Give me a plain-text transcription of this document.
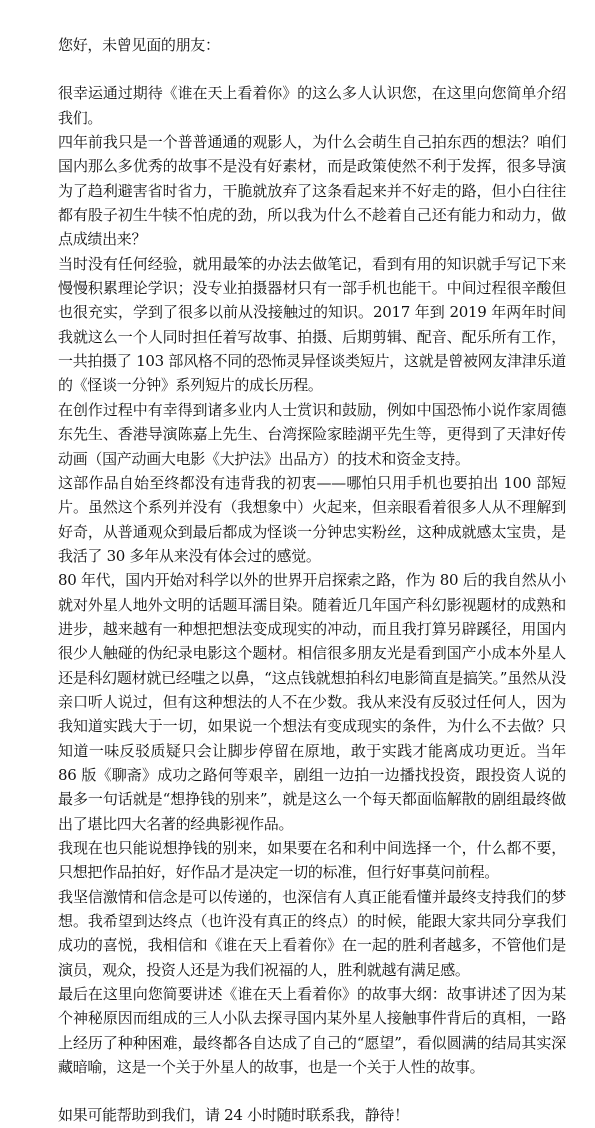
您好，未曾见面的朋友：

很幸运通过期待《谁在天上看着你》的这么多人认识您，在这里向您简单介绍我们。

四年前我只是一个普普通通的观影人，为什么会萌生自己拍东西的想法？咱们国内那么多优秀的故事不是没有好素材，而是政策使然不利于发挥，很多导演为了趋利避害省时省力，干脆就放弃了这条看起来并不好走的路，但小白往往都有股子初生牛犊不怕虎的劲，所以我为什么不趁着自己还有能力和动力，做点成绩出来？

当时没有任何经验，就用最笨的办法去做笔记，看到有用的知识就手写记下来慢慢积累理论学识；没专业拍摄器材只有一部手机也能干。中间过程很辛酸但也很充实，学到了很多以前从没接触过的知识。2017 年到 2019 年两年时间我就这么一个人同时担任着写故事、拍摄、后期剪辑、配音、配乐所有工作，一共拍摄了 103 部风格不同的恐怖灵异怪谈类短片，这就是曾被网友津津乐道的《怪谈一分钟》系列短片的成长历程。

在创作过程中有幸得到诸多业内人士赏识和鼓励，例如中国恐怖小说作家周德东先生、香港导演陈嘉上先生、台湾探险家睦湖平先生等，更得到了天津好传动画（国产动画大电影《大护法》出品方）的技术和资金支持。

这部作品自始至终都没有违背我的初衷——哪怕只用手机也要拍出 100 部短片。虽然这个系列并没有（我想象中）火起来，但亲眼看着很多人从不理解到好奇，从普通观众到最后都成为怪谈一分钟忠实粉丝，这种成就感太宝贵，是我活了 30 多年从来没有体会过的感觉。

80 年代，国内开始对科学以外的世界开启探索之路，作为 80 后的我自然从小就对外星人地外文明的话题耳濡目染。随着近几年国产科幻影视题材的成熟和进步，越来越有一种想把想法变成现实的冲动，而且我打算另辟蹊径，用国内很少人触碰的伪纪录电影这个题材。相信很多朋友光是看到国产小成本外星人还是科幻题材就已经嗤之以鼻，“这点钱就想拍科幻电影简直是搞笑。”虽然从没亲口听人说过，但有这种想法的人不在少数。我从来没有反驳过任何人，因为我知道实践大于一切，如果说一个想法有变成现实的条件，为什么不去做？只知道一味反驳质疑只会让脚步停留在原地，敢于实践才能离成功更近。当年 86 版《聊斋》成功之路何等艰辛，剧组一边拍一边播找投资，跟投资人说的最多一句话就是“想挣钱的别来”，就是这么一个每天都面临解散的剧组最终做出了堪比四大名著的经典影视作品。

我现在也只能说想挣钱的别来，如果要在名和利中间选择一个，什么都不要，只想把作品拍好，好作品才是决定一切的标准，但行好事莫问前程。

我坚信激情和信念是可以传递的，也深信有人真正能看懂并最终支持我们的梦想。我希望到达终点（也许没有真正的终点）的时候，能跟大家共同分享我们成功的喜悦，我相信和《谁在天上看着你》在一起的胜利者越多，不管他们是演员，观众，投资人还是为我们祝福的人，胜利就越有满足感。

最后在这里向您简要讲述《谁在天上看着你》的故事大纲：故事讲述了因为某个神秘原因而组成的三人小队去探寻国内某外星人接触事件背后的真相，一路上经历了种种困难，最终都各自达成了自己的“愿望”，看似圆满的结局其实深藏暗喻，这是一个关于外星人的故事，也是一个关于人性的故事。

如果可能帮助到我们，请 24 小时随时联系我，静待！
